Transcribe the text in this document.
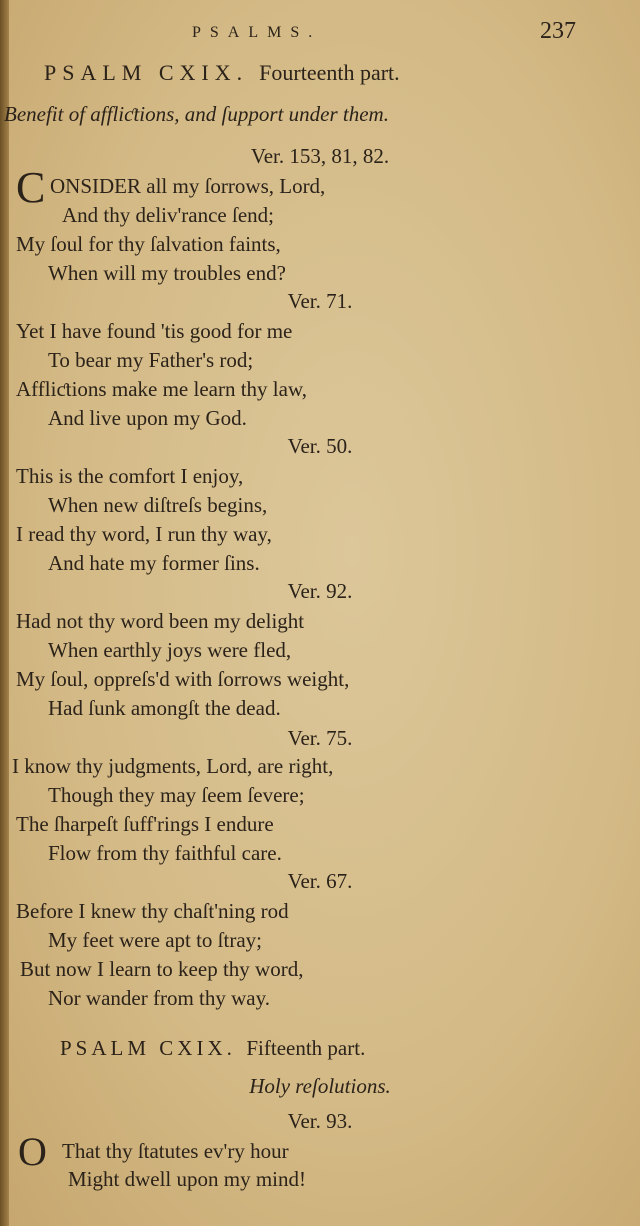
PSALMS.	237
PSALM CXIX. Fourteenth part.
Benefit of affliƈtions, and ſupport under them.
Ver. 153, 81, 82.
C ONSIDER all my ſorrows, Lord,
And thy deliv'rance ſend;
My ſoul for thy ſalvation faints,
When will my troubles end?
Ver. 71.
Yet I have found 'tis good for me
To bear my Father's rod;
Affliƈtions make me learn thy law,
And live upon my God.
Ver. 50.
This is the comfort I enjoy,
When new diſtreſs begins,
I read thy word, I run thy way,
And hate my former ſins.
Ver. 92.
Had not thy word been my delight
When earthly joys were fled,
My ſoul, oppreſs'd with ſorrows weight,
Had ſunk amongſt the dead.
Ver. 75.
I know thy judgments, Lord, are right,
Though they may ſeem ſevere;
The ſharpeſt ſuff'rings I endure
Flow from thy faithful care.
Ver. 67.
Before I knew thy chaſt'ning rod
My feet were apt to ſtray;
But now I learn to keep thy word,
Nor wander from thy way.
PSALM CXIX. Fifteenth part.
Holy reſolutions.
Ver. 93.
O That thy ſtatutes ev'ry hour
Might dwell upon my mind!
